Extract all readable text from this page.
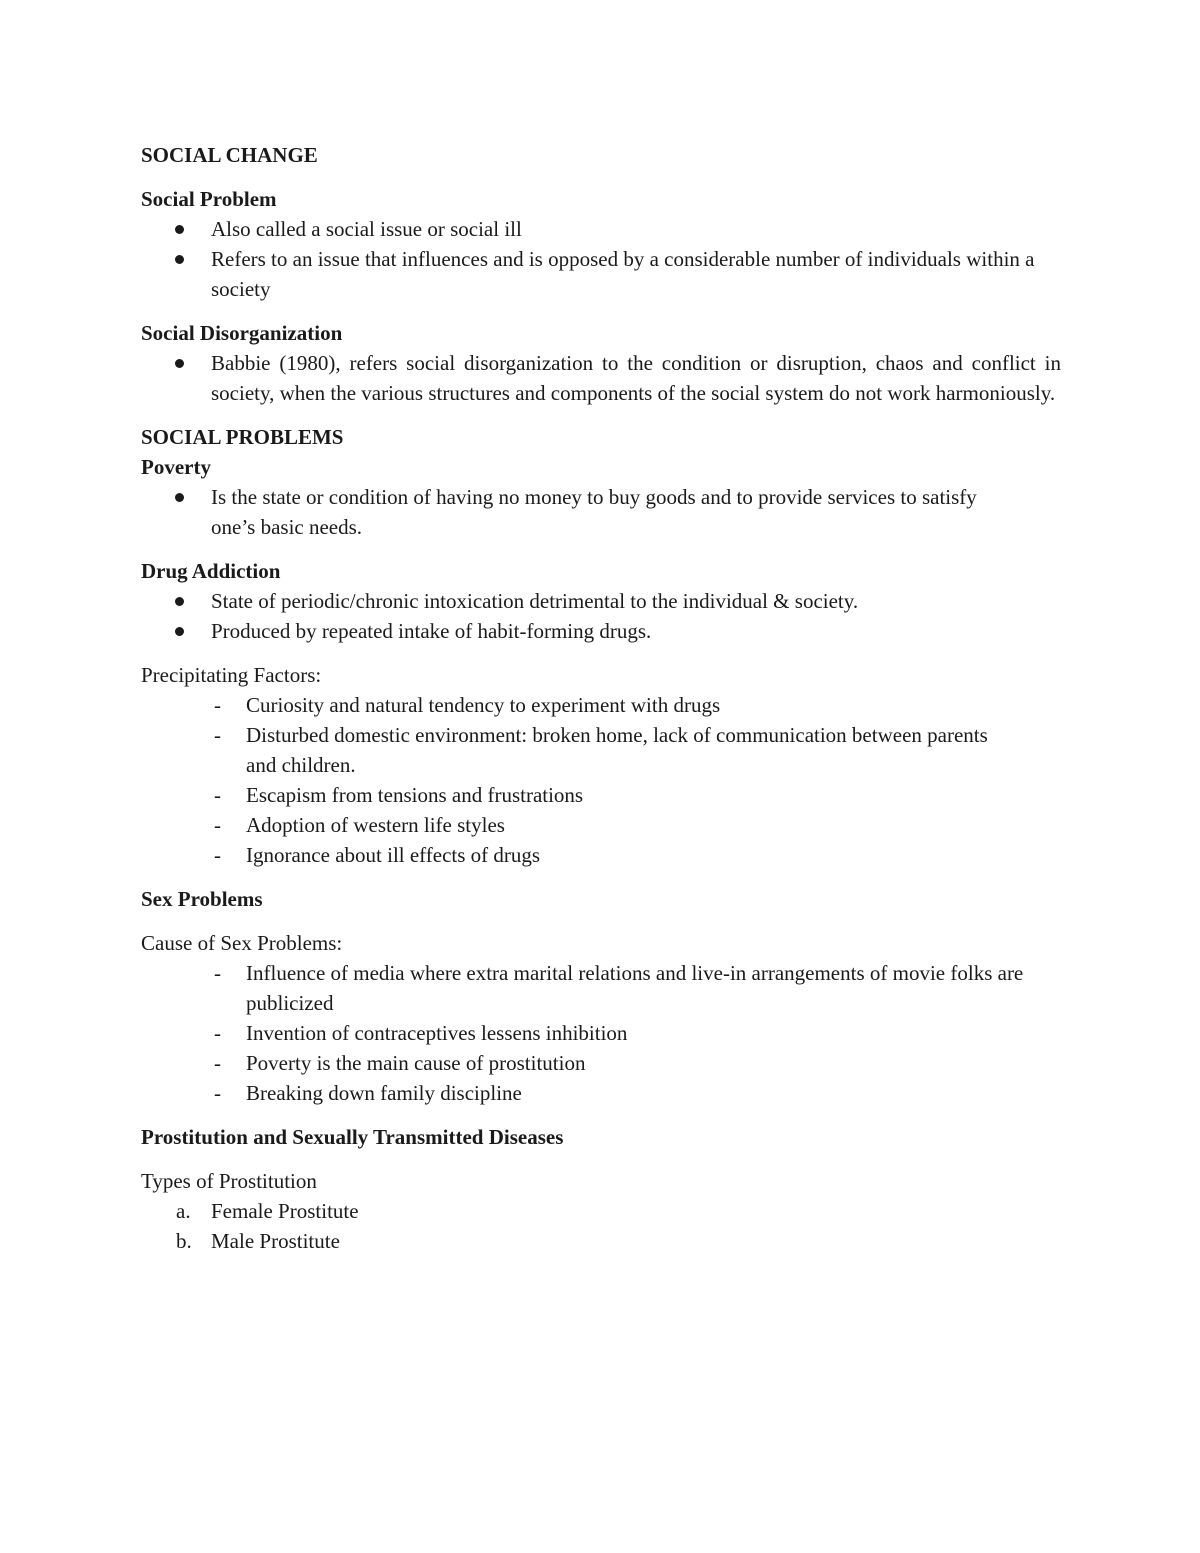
SOCIAL CHANGE

Social Problem

Also called a social issue or social ill
Refers to an issue that influences and is opposed by a considerable number of individuals within a society

Social Disorganization

Babbie (1980), refers social disorganization to the condition or disruption, chaos and conflict in society, when the various structures and components of the social system do not work harmoniously.

SOCIAL PROBLEMS

Poverty

Is the state or condition of having no money to buy goods and to provide services to satisfy one’s basic needs.

Drug Addiction

State of periodic/chronic intoxication detrimental to the individual & society.
Produced by repeated intake of habit-forming drugs.

Precipitating Factors:

- Curiosity and natural tendency to experiment with drugs
- Disturbed domestic environment: broken home, lack of communication between parents and children.
- Escapism from tensions and frustrations
- Adoption of western life styles
- Ignorance about ill effects of drugs

Sex Problems

Cause of Sex Problems:

- Influence of media where extra marital relations and live-in arrangements of movie folks are publicized
- Invention of contraceptives lessens inhibition
- Poverty is the main cause of prostitution
- Breaking down family discipline

Prostitution and Sexually Transmitted Diseases

Types of Prostitution

a. Female Prostitute
b. Male Prostitute
